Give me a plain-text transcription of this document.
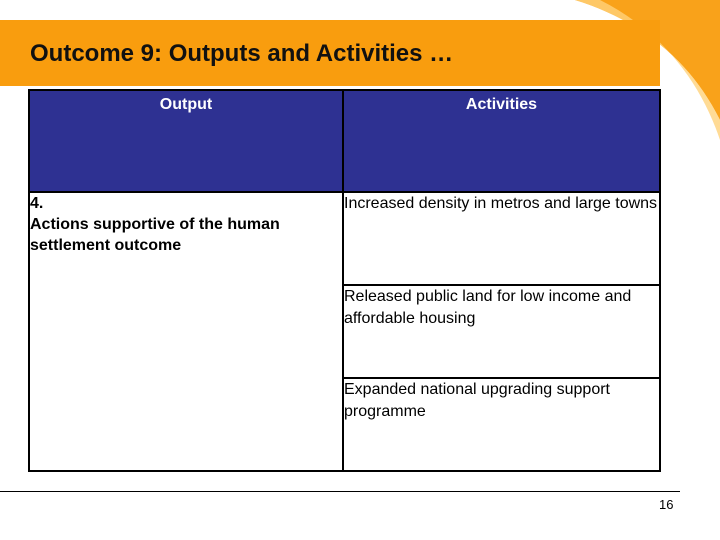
Outcome 9: Outputs and Activities …
Output	Activities

4.
Actions supportive of the human settlement outcome	Increased density in metros and large towns
	Released public land for low income and affordable housing
	Expanded national upgrading support programme
16
